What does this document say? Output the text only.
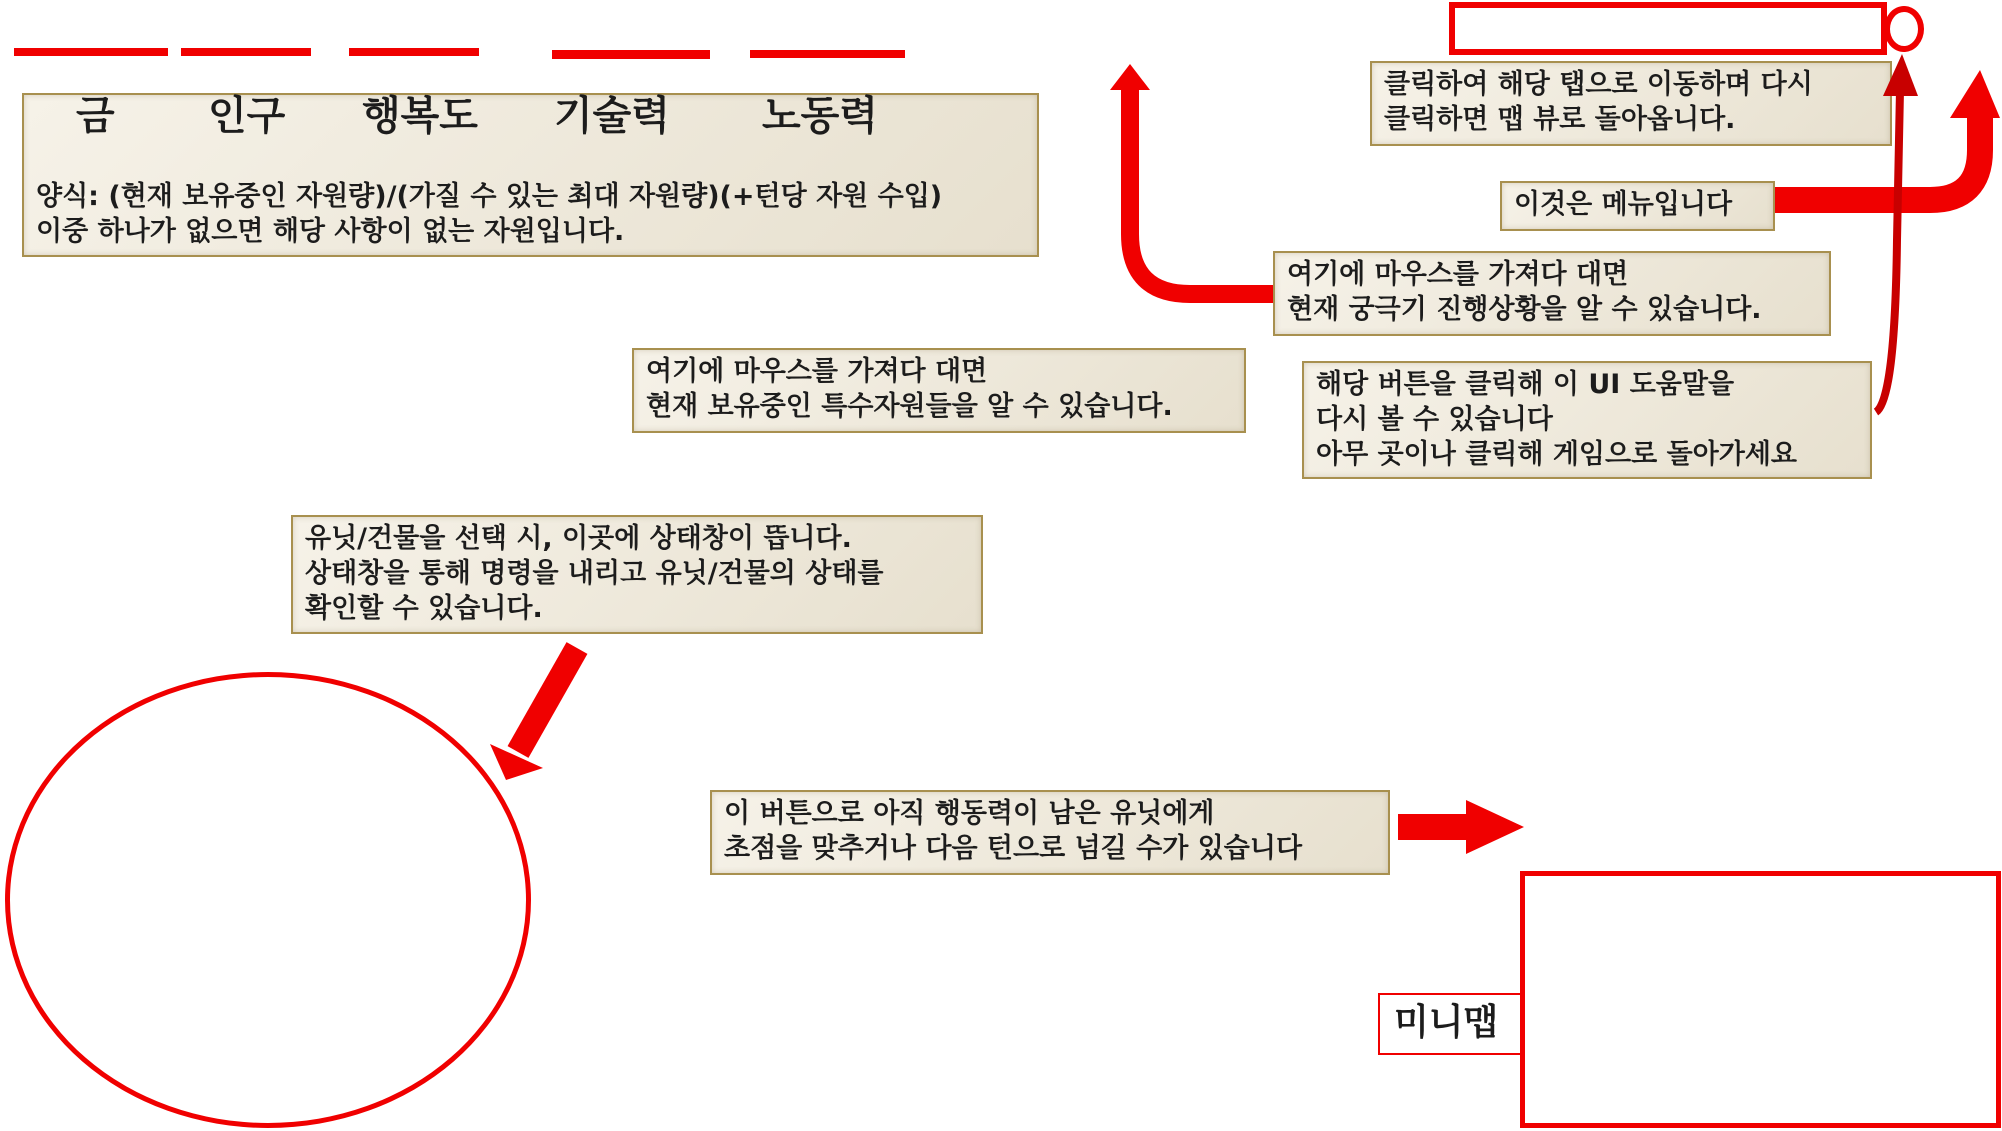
금 인구 행복도 기술력 노동력
양식: (현재 보유중인 자원량)/(가질 수 있는 최대 자원량)(+턴당 자원 수입)
이중 하나가 없으면 해당 사항이 없는 자원입니다.
클릭하여 해당 탭으로 이동하며 다시
클릭하면 맵 뷰로 돌아옵니다.
이것은 메뉴입니다
여기에 마우스를 가져다 대면
현재 궁극기 진행상황을 알 수 있습니다.
여기에 마우스를 가져다 대면
현재 보유중인 특수자원들을 알 수 있습니다.
해당 버튼을 클릭해 이 UI 도움말을
다시 볼 수 있습니다
아무 곳이나 클릭해 게임으로 돌아가세요
유닛/건물을 선택 시, 이곳에 상태창이 뜹니다.
상태창을 통해 명령을 내리고 유닛/건물의 상태를
확인할 수 있습니다.
이 버튼으로 아직 행동력이 남은 유닛에게
초점을 맞추거나 다음 턴으로 넘길 수가 있습니다
미니맵
